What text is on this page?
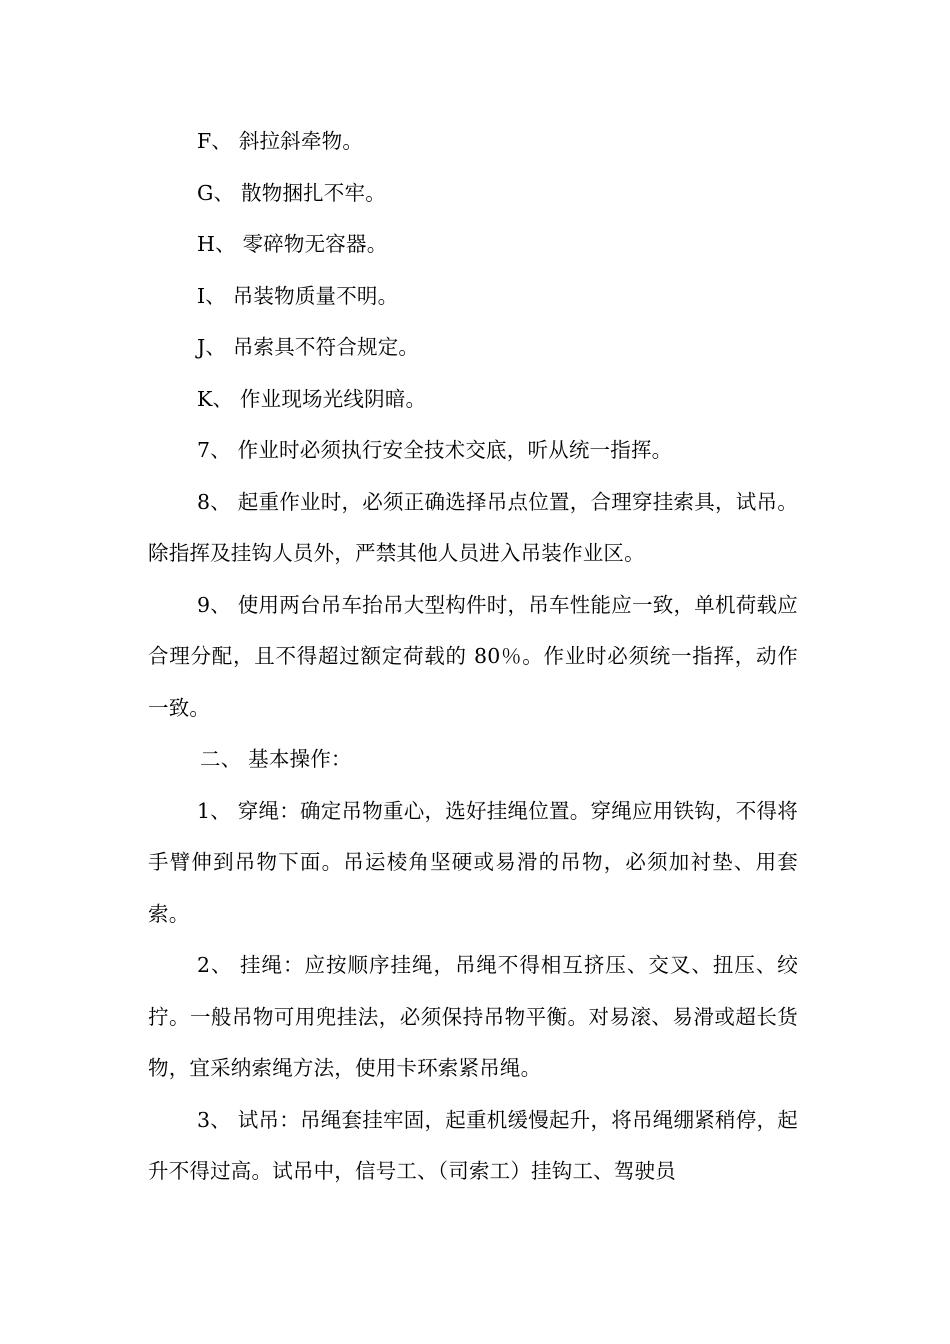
F、 斜拉斜牵物。

G、 散物捆扎不牢。

H、 零碎物无容器。

I、 吊装物质量不明。

J、 吊索具不符合规定。

K、 作业现场光线阴暗。

7、 作业时必须执行安全技术交底，听从统一指挥。

8、 起重作业时，必须正确选择吊点位置，合理穿挂索具，试吊。除指挥及挂钩人员外，严禁其他人员进入吊装作业区。

9、 使用两台吊车抬吊大型构件时，吊车性能应一致，单机荷载应合理分配，且不得超过额定荷载的 80％。作业时必须统一指挥，动作一致。

二、 基本操作：

1、 穿绳：确定吊物重心，选好挂绳位置。穿绳应用铁钩，不得将手臂伸到吊物下面。吊运棱角坚硬或易滑的吊物，必须加衬垫、用套索。

2、 挂绳：应按顺序挂绳，吊绳不得相互挤压、交叉、扭压、绞拧。一般吊物可用兜挂法，必须保持吊物平衡。对易滚、易滑或超长货物，宜采纳索绳方法，使用卡环索紧吊绳。

3、 试吊：吊绳套挂牢固，起重机缓慢起升，将吊绳绷紧稍停，起升不得过高。试吊中，信号工、（司索工）挂钩工、驾驶员
